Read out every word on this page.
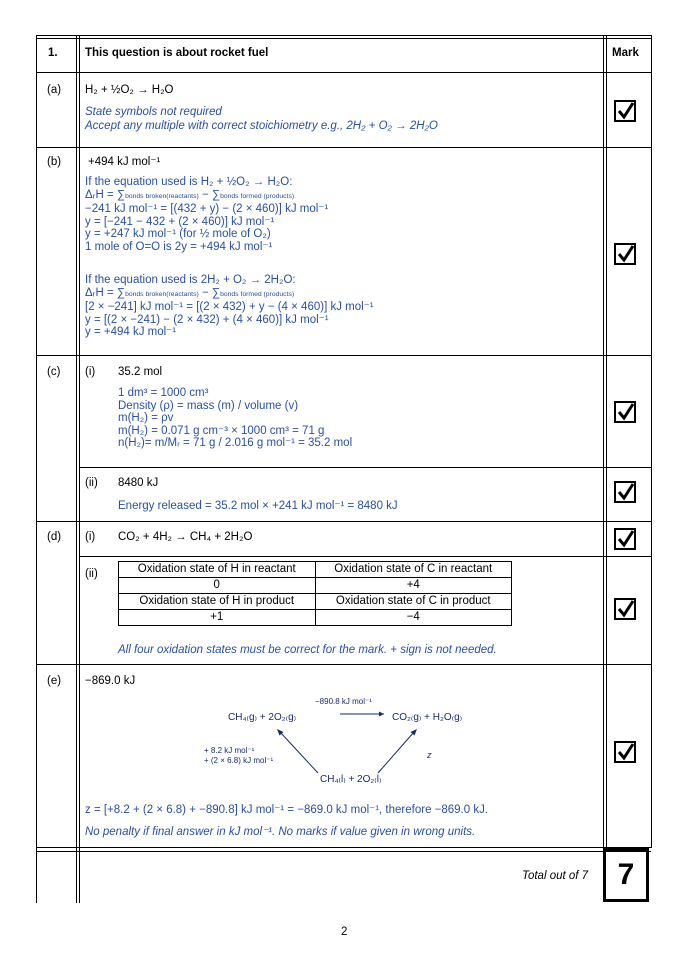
1. This question is about rocket fuel	Mark
(a) H₂ + ½O₂ → H₂O
State symbols not required
Accept any multiple with correct stoichiometry e.g., 2H₂ + O₂ → 2H₂O
(b) +494 kJ mol⁻¹
If the equation used is H₂ + ½O₂ → H₂O:
ΔᵣH = ∑bonds broken(reactants) − ∑bonds formed (products)
−241 kJ mol⁻¹ = [(432 + y) − (2 × 460)] kJ mol⁻¹
y = [−241 − 432 + (2 × 460)] kJ mol⁻¹
y = +247 kJ mol⁻¹ (for ½ mole of O₂)
1 mole of O=O is 2y = +494 kJ mol⁻¹
If the equation used is 2H₂ + O₂ → 2H₂O:
ΔᵣH = ∑bonds broken(reactants) − ∑bonds formed (products)
[2 × −241] kJ mol⁻¹ = [(2 × 432) + y − (4 × 460)] kJ mol⁻¹
y = [(2 × −241) − (2 × 432) + (4 × 460)] kJ mol⁻¹
y = +494 kJ mol⁻¹
(c) (i) 35.2 mol
1 dm³ = 1000 cm³
Density (ρ) = mass (m) / volume (v)
m(H₂) = ρv
m(H₂) = 0.071 g cm⁻³ × 1000 cm³ = 71 g
n(H₂)= m/Mᵣ = 71 g / 2.016 g mol⁻¹ = 35.2 mol
(ii) 8480 kJ
Energy released = 35.2 mol × +241 kJ mol⁻¹ = 8480 kJ
(d) (i) CO₂ + 4H₂ → CH₄ + 2H₂O
(ii)	Oxidation state of H in reactant	Oxidation state of C in reactant
0	+4
Oxidation state of H in product	Oxidation state of C in product
+1	−4
All four oxidation states must be correct for the mark. + sign is not needed.
(e) −869.0 kJ
−890.8 kJ mol⁻¹
CH₄₍g₎ + 2O₂₍g₎	CO₂₍g₎ + H₂O₍g₎
CH₄₍l₎ + 2O₂₍l₎
+ 8.2 kJ mol⁻¹
+ (2 × 6.8) kJ mol⁻¹
z
z = [+8.2 + (2 × 6.8) + −890.8] kJ mol⁻¹ = −869.0 kJ mol⁻¹, therefore −869.0 kJ.
No penalty if final answer in kJ mol⁻¹. No marks if value given in wrong units.
Total out of 7 7
2
